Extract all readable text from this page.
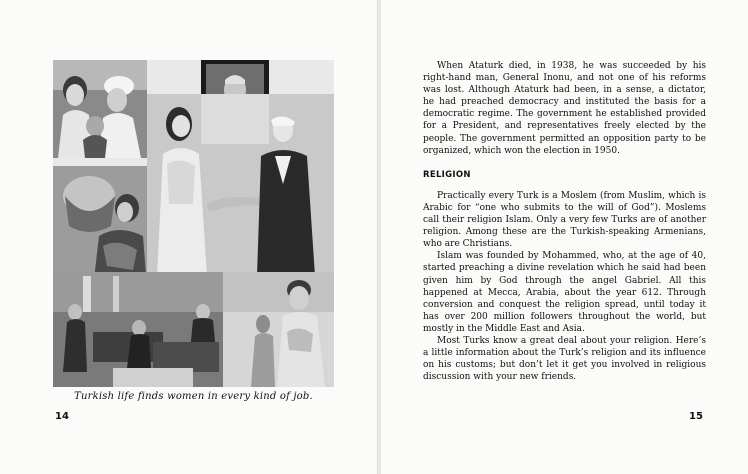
Turkish life finds women in every kind of job.
14

When Ataturk died, in 1938, he was succeeded by his right-hand man, General Inonu, and not one of his reforms was lost. Although Ataturk had been, in a sense, a dictator, he had preached democracy and instituted the basis for a democratic regime. The government he established provided for a President, and representatives freely elected by the people. The government permitted an opposition party to be organized, which won the election in 1950.

RELIGION

Practically every Turk is a Moslem (from Muslim, which is Arabic for “one who submits to the will of God”). Moslems call their religion Islam. Only a very few Turks are of another religion. Among these are the Turkish-speaking Armenians, who are Christians.

Islam was founded by Mohammed, who, at the age of 40, started preaching a divine revelation which he said had been given him by God through the angel Gabriel. All this happened at Mecca, Arabia, about the year 612. Through conversion and conquest the religion spread, until today it has over 200 million followers throughout the world, but mostly in the Middle East and Asia.

Most Turks know a great deal about your religion. Here’s a little information about the Turk’s religion and its influence on his customs; but don’t let it get you involved in religious discussion with your new friends.

15
